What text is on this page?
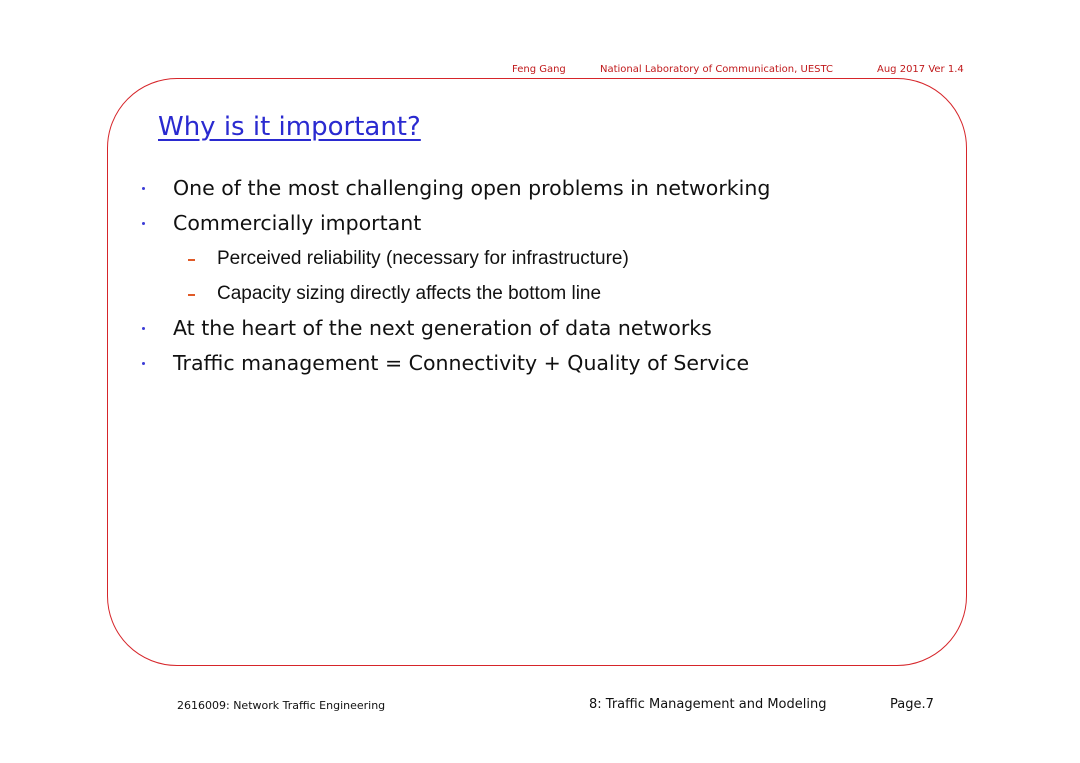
Feng Gang	National Laboratory of Communication, UESTC	Aug 2017 Ver 1.4
Why is it important?
One of the most challenging open problems in networking
Commercially important
Perceived reliability (necessary for infrastructure)
Capacity sizing directly affects the bottom line
At the heart of the next generation of data networks
Traffic management = Connectivity + Quality of Service
2616009: Network Traffic Engineering	8: Traffic Management and Modeling	Page.7
